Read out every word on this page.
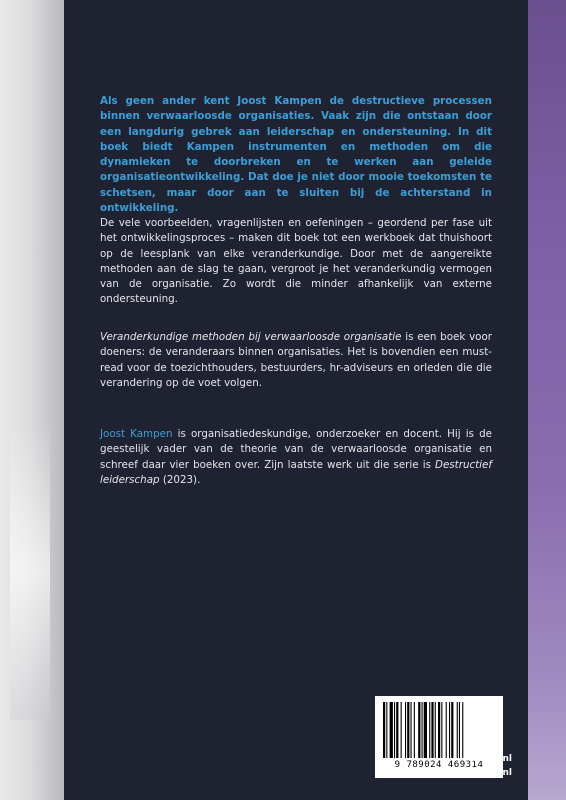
Als geen ander kent Joost Kampen de destructieve processen binnen verwaarloosde organisaties. Vaak zijn die ontstaan door een langdurig gebrek aan leiderschap en ondersteuning. In dit boek biedt Kampen instrumenten en methoden om die dynamieken te doorbreken en te werken aan geleide organisatieontwikkeling. Dat doe je niet door mooie toekomsten te schetsen, maar door aan te sluiten bij de achterstand in ontwikkeling.

De vele voorbeelden, vragenlijsten en oefeningen – geordend per fase uit het ontwikkelingsproces – maken dit boek tot een werkboek dat thuishoort op de leesplank van elke veranderkundige. Door met de aangereikte methoden aan de slag te gaan, vergroot je het veranderkundig vermogen van de organisatie. Zo wordt die minder afhankelijk van externe ondersteuning.

Veranderkundige methoden bij verwaarloosde organisatie is een boek voor doeners: de veranderaars binnen organisaties. Het is bovendien een must-read voor de toezichthouders, bestuurders, hr-adviseurs en orleden die die verandering op de voet volgen.

Joost Kampen is organisatiedeskundige, onderzoeker en docent. Hij is de geestelijk vader van de theorie van de verwaarloosde organisatie en schreef daar vier boeken over. Zijn laatste werk uit die serie is Destructief leiderschap (2023).

9 789024 469314
boom.nl
boommanagement.nl
